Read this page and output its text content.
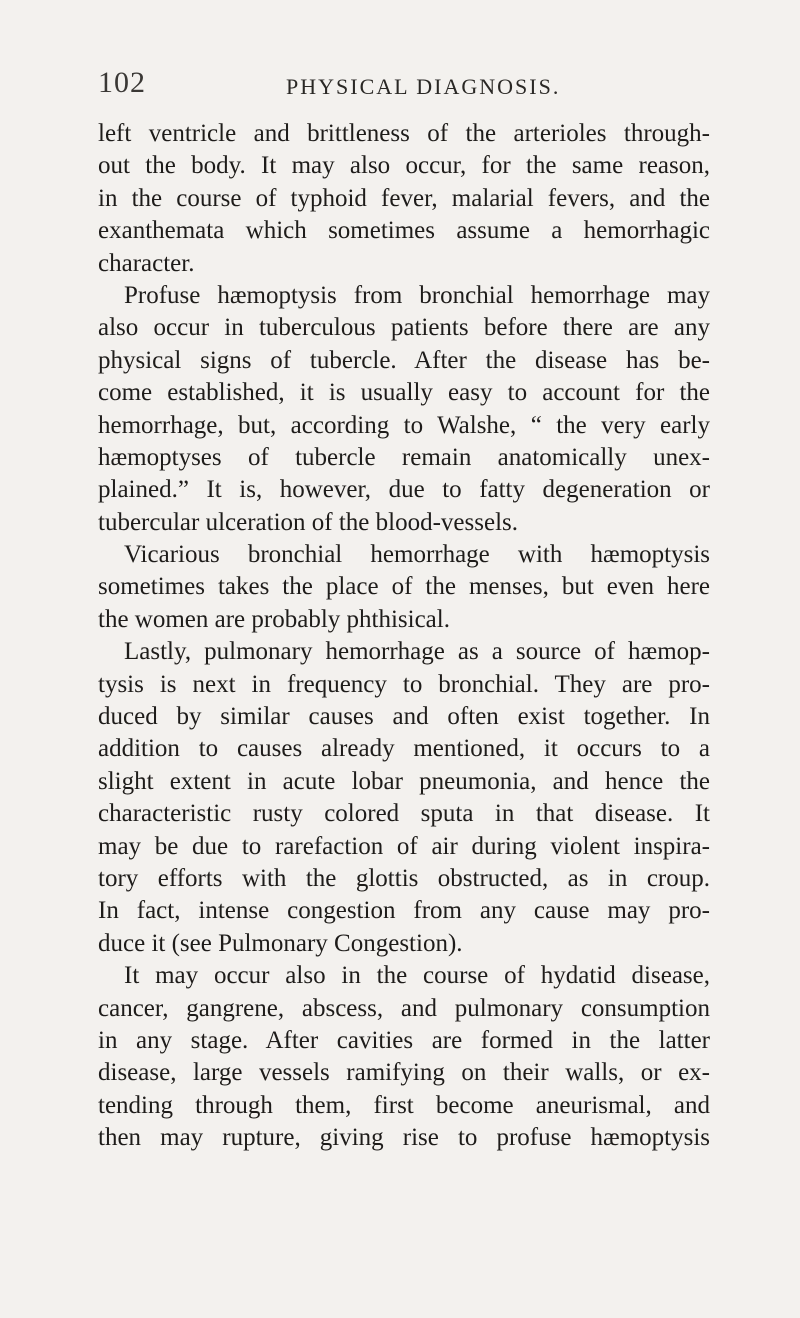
102	PHYSICAL DIAGNOSIS.
left ventricle and brittleness of the arterioles through-
out the body. It may also occur, for the same reason,
in the course of typhoid fever, malarial fevers, and the
exanthemata which sometimes assume a hemorrhagic
character.
Profuse hæmoptysis from bronchial hemorrhage may
also occur in tuberculous patients before there are any
physical signs of tubercle. After the disease has be-
come established, it is usually easy to account for the
hemorrhage, but, according to Walshe, “ the very early
hæmoptyses of tubercle remain anatomically unex-
plained.” It is, however, due to fatty degeneration or
tubercular ulceration of the blood-vessels.
Vicarious bronchial hemorrhage with hæmoptysis
sometimes takes the place of the menses, but even here
the women are probably phthisical.
Lastly, pulmonary hemorrhage as a source of hæmop-
tysis is next in frequency to bronchial. They are pro-
duced by similar causes and often exist together. In
addition to causes already mentioned, it occurs to a
slight extent in acute lobar pneumonia, and hence the
characteristic rusty colored sputa in that disease. It
may be due to rarefaction of air during violent inspira-
tory efforts with the glottis obstructed, as in croup.
In fact, intense congestion from any cause may pro-
duce it (see Pulmonary Congestion).
It may occur also in the course of hydatid disease,
cancer, gangrene, abscess, and pulmonary consumption
in any stage. After cavities are formed in the latter
disease, large vessels ramifying on their walls, or ex-
tending through them, first become aneurismal, and
then may rupture, giving rise to profuse hæmoptysis
